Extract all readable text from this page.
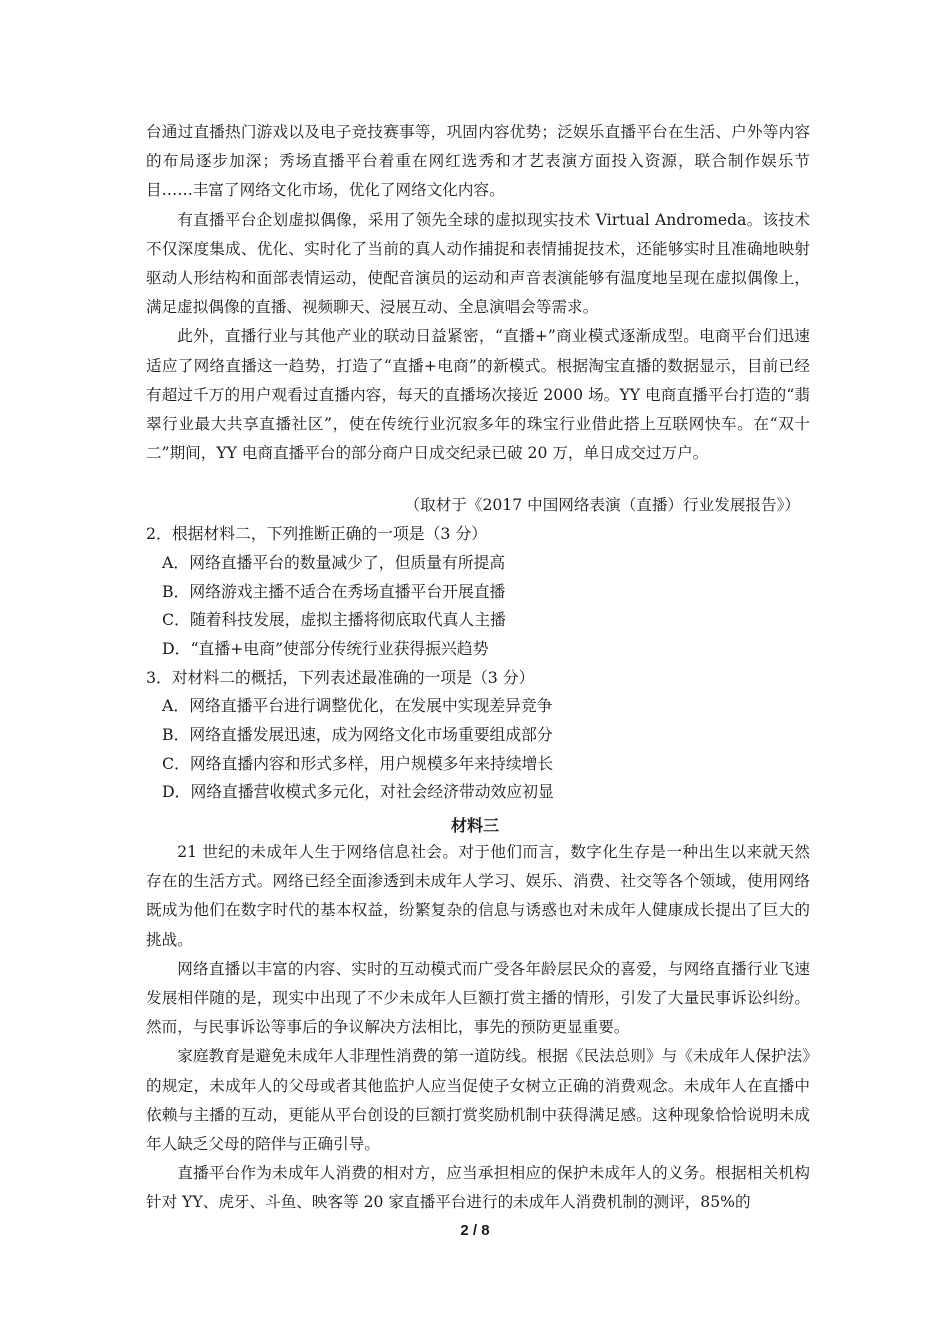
台通过直播热门游戏以及电子竞技赛事等，巩固内容优势；泛娱乐直播平台在生活、户外等内容的布局逐步加深；秀场直播平台着重在网红选秀和才艺表演方面投入资源，联合制作娱乐节目……丰富了网络文化市场，优化了网络文化内容。

有直播平台企划虚拟偶像，采用了领先全球的虚拟现实技术 Virtual Andromeda。该技术不仅深度集成、优化、实时化了当前的真人动作捕捉和表情捕捉技术，还能够实时且准确地映射驱动人形结构和面部表情运动，使配音演员的运动和声音表演能够有温度地呈现在虚拟偶像上，满足虚拟偶像的直播、视频聊天、浸展互动、全息演唱会等需求。

此外，直播行业与其他产业的联动日益紧密，“直播+”商业模式逐渐成型。电商平台们迅速适应了网络直播这一趋势，打造了“直播+电商”的新模式。根据淘宝直播的数据显示，目前已经有超过千万的用户观看过直播内容，每天的直播场次接近 2000 场。YY 电商直播平台打造的“翡翠行业最大共享直播社区”，使在传统行业沉寂多年的珠宝行业借此搭上互联网快车。在“双十二”期间，YY 电商直播平台的部分商户日成交纪录已破 20 万，单日成交过万户。

（取材于《2017 中国网络表演（直播）行业发展报告》）
2．根据材料二，下列推断正确的一项是（3 分）
A．网络直播平台的数量减少了，但质量有所提高
B．网络游戏主播不适合在秀场直播平台开展直播
C．随着科技发展，虚拟主播将彻底取代真人主播
D．“直播+电商”使部分传统行业获得振兴趋势
3．对材料二的概括，下列表述最准确的一项是（3 分）
A．网络直播平台进行调整优化，在发展中实现差异竞争
B．网络直播发展迅速，成为网络文化市场重要组成部分
C．网络直播内容和形式多样，用户规模多年来持续增长
D．网络直播营收模式多元化，对社会经济带动效应初显
材料三

21 世纪的未成年人生于网络信息社会。对于他们而言，数字化生存是一种出生以来就天然存在的生活方式。网络已经全面渗透到未成年人学习、娱乐、消费、社交等各个领域，使用网络既成为他们在数字时代的基本权益，纷繁复杂的信息与诱惑也对未成年人健康成长提出了巨大的挑战。

网络直播以丰富的内容、实时的互动模式而广受各年龄层民众的喜爱，与网络直播行业飞速发展相伴随的是，现实中出现了不少未成年人巨额打赏主播的情形，引发了大量民事诉讼纠纷。然而，与民事诉讼等事后的争议解决方法相比，事先的预防更显重要。

家庭教育是避免未成年人非理性消费的第一道防线。根据《民法总则》与《未成年人保护法》的规定，未成年人的父母或者其他监护人应当促使子女树立正确的消费观念。未成年人在直播中依赖与主播的互动，更能从平台创设的巨额打赏奖励机制中获得满足感。这种现象恰恰说明未成年人缺乏父母的陪伴与正确引导。

直播平台作为未成年人消费的相对方，应当承担相应的保护未成年人的义务。根据相关机构针对 YY、虎牙、斗鱼、映客等 20 家直播平台进行的未成年人消费机制的测评，85%的

2 / 8
